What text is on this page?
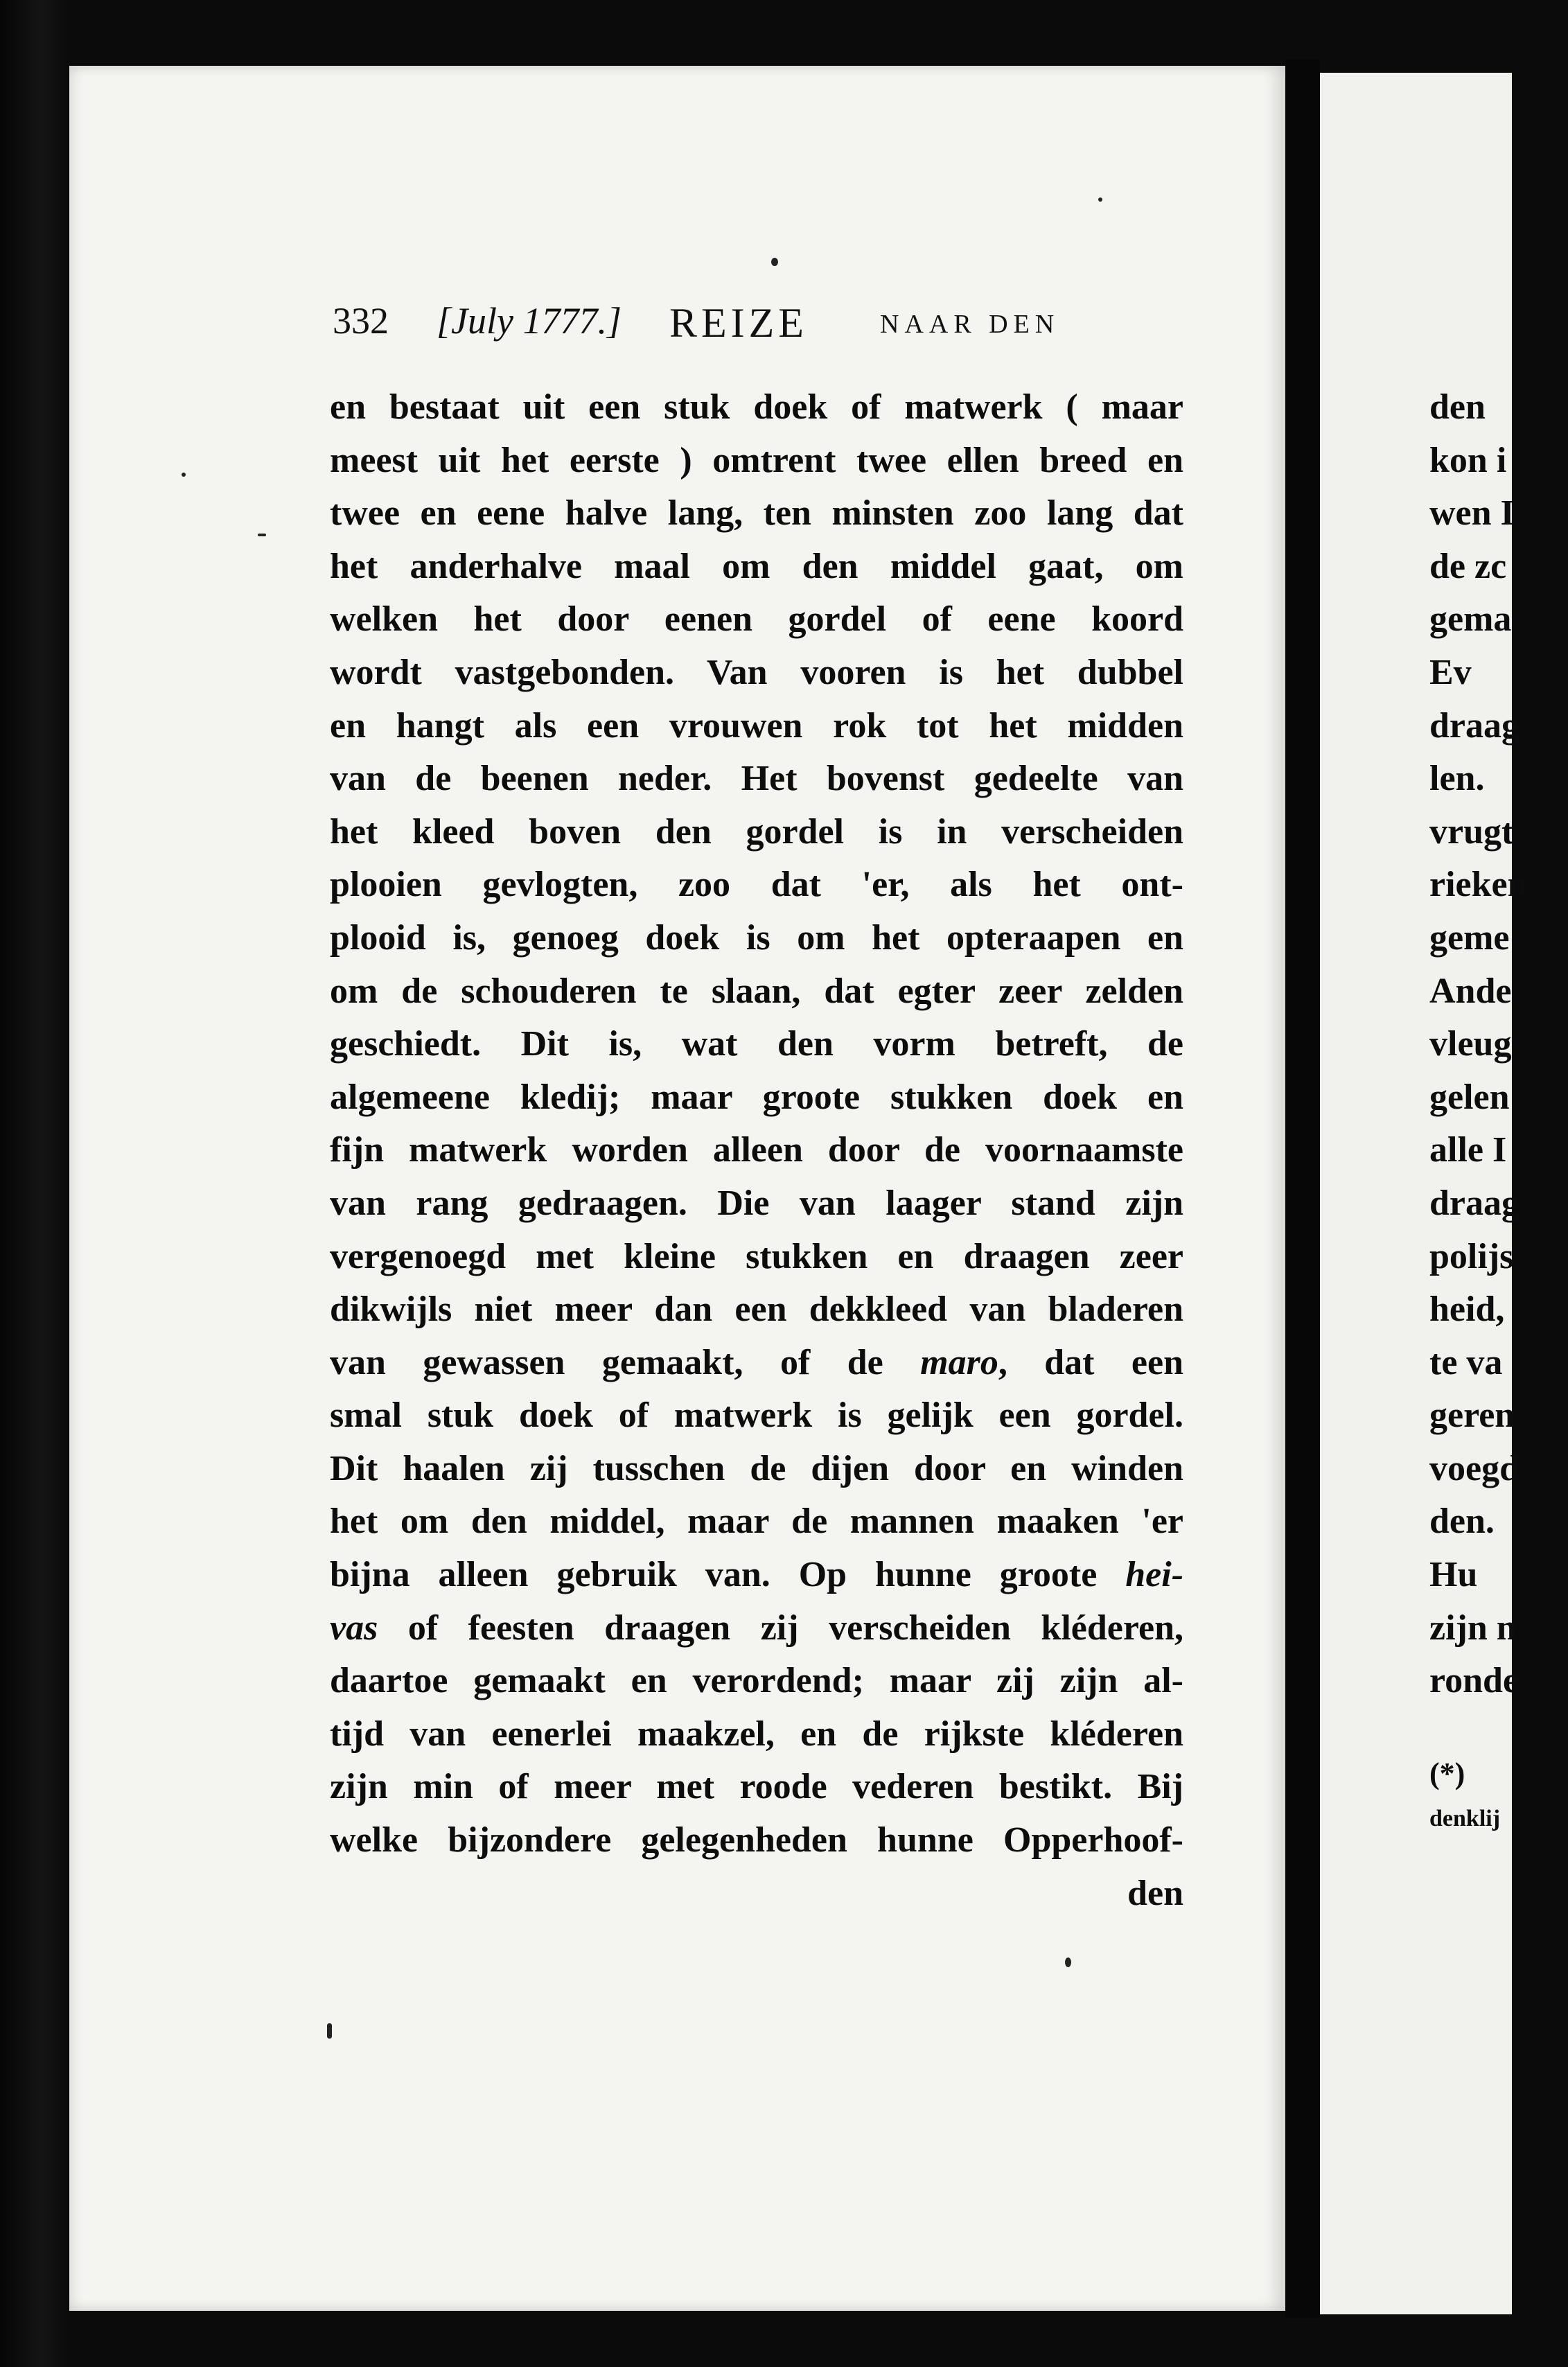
332 [July 1777.] REIZE	NAAR DEN
en bestaat uit een stuk doek of matwerk ( maar
meest uit het eerste ) omtrent twee ellen breed en
twee en eene halve lang, ten minsten zoo lang dat
het anderhalve maal om den middel gaat, om
welken het door eenen gordel of eene koord
wordt vastgebonden. Van vooren is het dubbel
en hangt als een vrouwen rok tot het midden
van de beenen neder. Het bovenst gedeelte van
het kleed boven den gordel is in verscheiden
plooien gevlogten, zoo dat 'er, als het ont-
plooid is, genoeg doek is om het opteraapen en
om de schouderen te slaan, dat egter zeer zelden
geschiedt. Dit is, wat den vorm betreft, de
algemeene kledij; maar groote stukken doek en
fijn matwerk worden alleen door de voornaamste
van rang gedraagen. Die van laager stand zijn
vergenoegd met kleine stukken en draagen zeer
dikwijls niet meer dan een dekkleed van bladeren
van gewassen gemaakt, of de maro, dat een
smal stuk doek of matwerk is gelijk een gordel.
Dit haalen zij tusschen de dijen door en winden
het om den middel, maar de mannen maaken 'er
bijna alleen gebruik van. Op hunne groote hei-
vas of feesten draagen zij verscheiden kléderen,
daartoe gemaakt en verordend; maar zij zijn al-
tijd van eenerlei maakzel, en de rijkste kléderen
zijn min of meer met roode vederen bestikt. Bij
welke bijzondere gelegenheden hunne Opperhoof-
den
den
kon i
wen I
de zc
gema
Ev
draag
len.
vrugt
rieken
geme
Ande
vleug
gelen
alle I
draag
polijs
heid,
te va
geren
voegd
den.
Hu
zijn n
ronde
(*)
denklij
